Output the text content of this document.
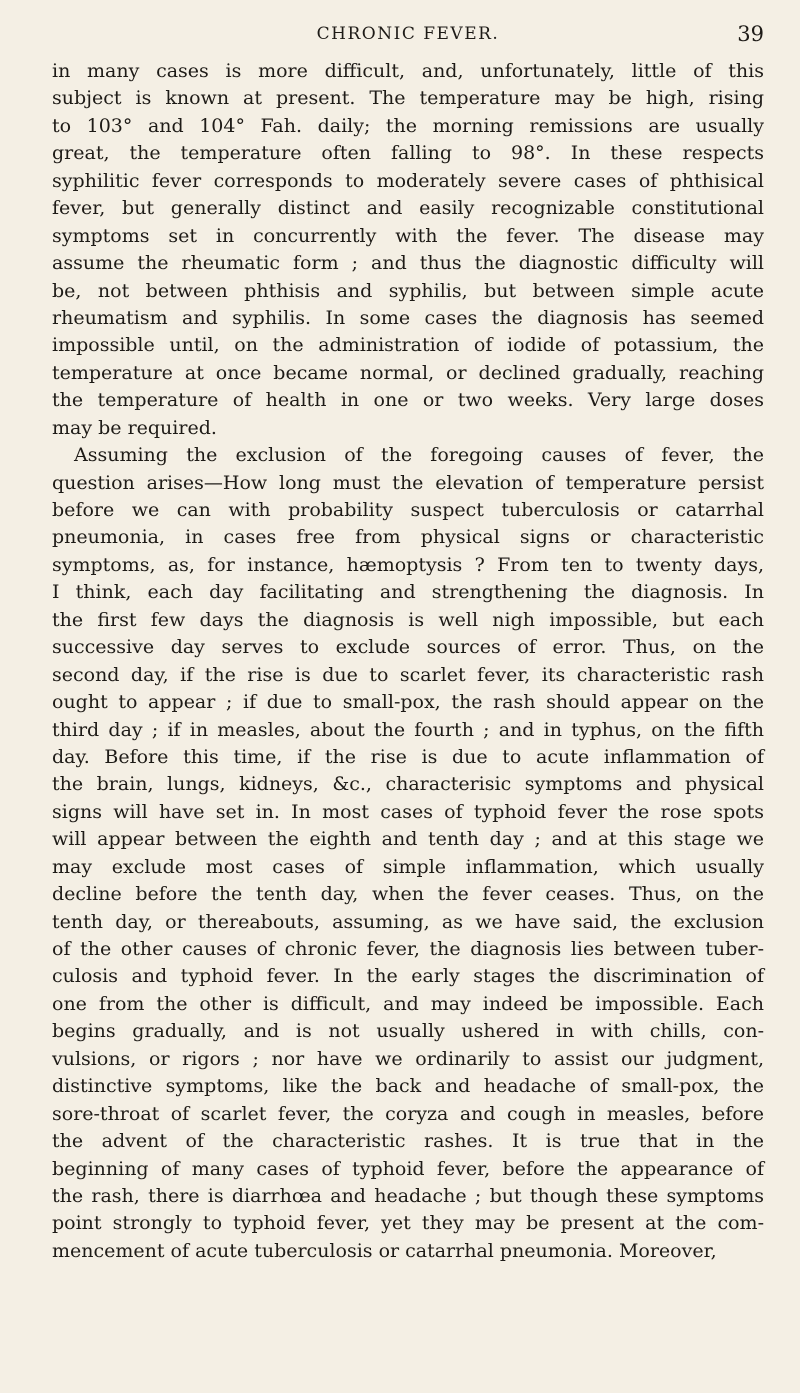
CHRONIC FEVER.	39
in many cases is more difficult, and, unfortunately, little of this
subject is known at present. The temperature may be high, rising
to 103° and 104° Fah. daily; the morning remissions are usually
great, the temperature often falling to 98°. In these respects
syphilitic fever corresponds to moderately severe cases of phthisical
fever, but generally distinct and easily recognizable constitutional
symptoms set in concurrently with the fever. The disease may
assume the rheumatic form ; and thus the diagnostic difficulty will
be, not between phthisis and syphilis, but between simple acute
rheumatism and syphilis. In some cases the diagnosis has seemed
impossible until, on the administration of iodide of potassium, the
temperature at once became normal, or declined gradually, reaching
the temperature of health in one or two weeks. Very large doses
may be required.
Assuming the exclusion of the foregoing causes of fever, the
question arises—How long must the elevation of temperature persist
before we can with probability suspect tuberculosis or catarrhal
pneumonia, in cases free from physical signs or characteristic
symptoms, as, for instance, hæmoptysis ? From ten to twenty days,
I think, each day facilitating and strengthening the diagnosis. In
the first few days the diagnosis is well nigh impossible, but each
successive day serves to exclude sources of error. Thus, on the
second day, if the rise is due to scarlet fever, its characteristic rash
ought to appear ; if due to small-pox, the rash should appear on the
third day ; if in measles, about the fourth ; and in typhus, on the fifth
day. Before this time, if the rise is due to acute inflammation of
the brain, lungs, kidneys, &c., characterisic symptoms and physical
signs will have set in. In most cases of typhoid fever the rose spots
will appear between the eighth and tenth day ; and at this stage we
may exclude most cases of simple inflammation, which usually
decline before the tenth day, when the fever ceases. Thus, on the
tenth day, or thereabouts, assuming, as we have said, the exclusion
of the other causes of chronic fever, the diagnosis lies between tuber-
culosis and typhoid fever. In the early stages the discrimination of
one from the other is difficult, and may indeed be impossible. Each
begins gradually, and is not usually ushered in with chills, con-
vulsions, or rigors ; nor have we ordinarily to assist our judgment,
distinctive symptoms, like the back and headache of small-pox, the
sore-throat of scarlet fever, the coryza and cough in measles, before
the advent of the characteristic rashes. It is true that in the
beginning of many cases of typhoid fever, before the appearance of
the rash, there is diarrhœa and headache ; but though these symptoms
point strongly to typhoid fever, yet they may be present at the com-
mencement of acute tuberculosis or catarrhal pneumonia. Moreover,
